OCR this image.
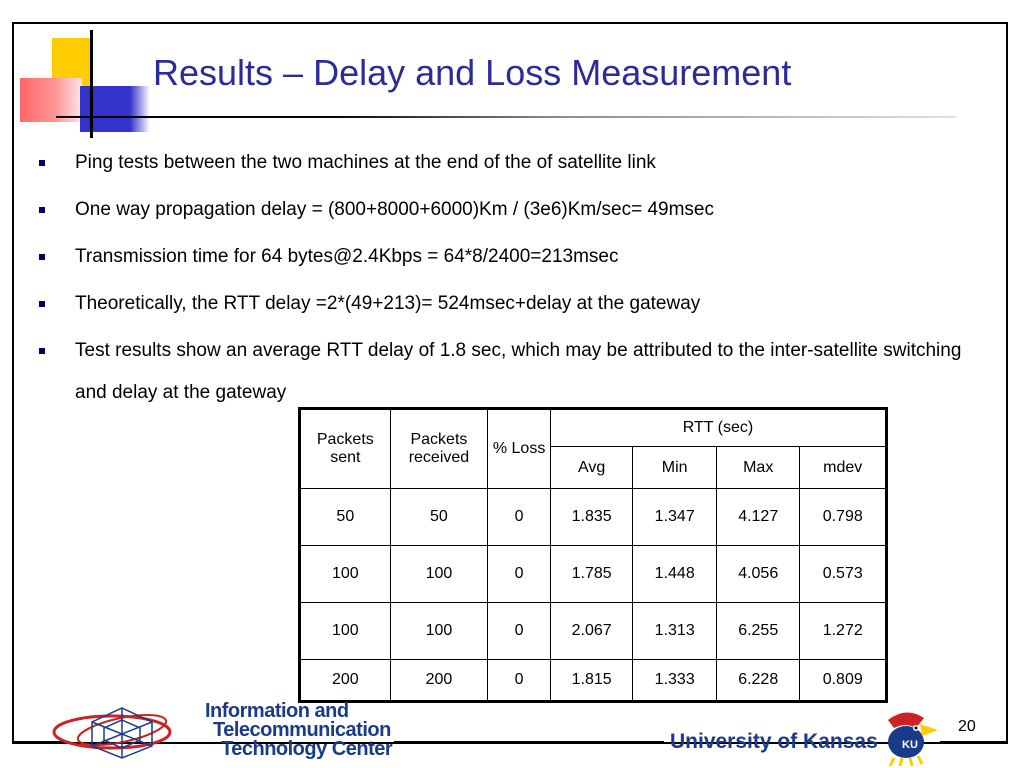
Results – Delay and Loss Measurement
Ping tests between the two machines at the end of the of satellite link
One way propagation delay = (800+8000+6000)Km / (3e6)Km/sec= 49msec
Transmission time for 64 bytes@2.4Kbps = 64*8/2400=213msec
Theoretically, the RTT delay =2*(49+213)= 524msec+delay at the gateway
Test results show an average RTT delay of 1.8 sec, which may be attributed to the inter-satellite switching and delay at the gateway
Packets sent	Packets received	% Loss	RTT (sec)			
			Avg	Min	Max	mdev
50	50	0	1.835	1.347	4.127	0.798
100	100	0	1.785	1.448	4.056	0.573
100	100	0	2.067	1.313	6.255	1.272
200	200	0	1.815	1.333	6.228	0.809
Information and
Telecommunication
Technology Center	University of Kansas KU
20
